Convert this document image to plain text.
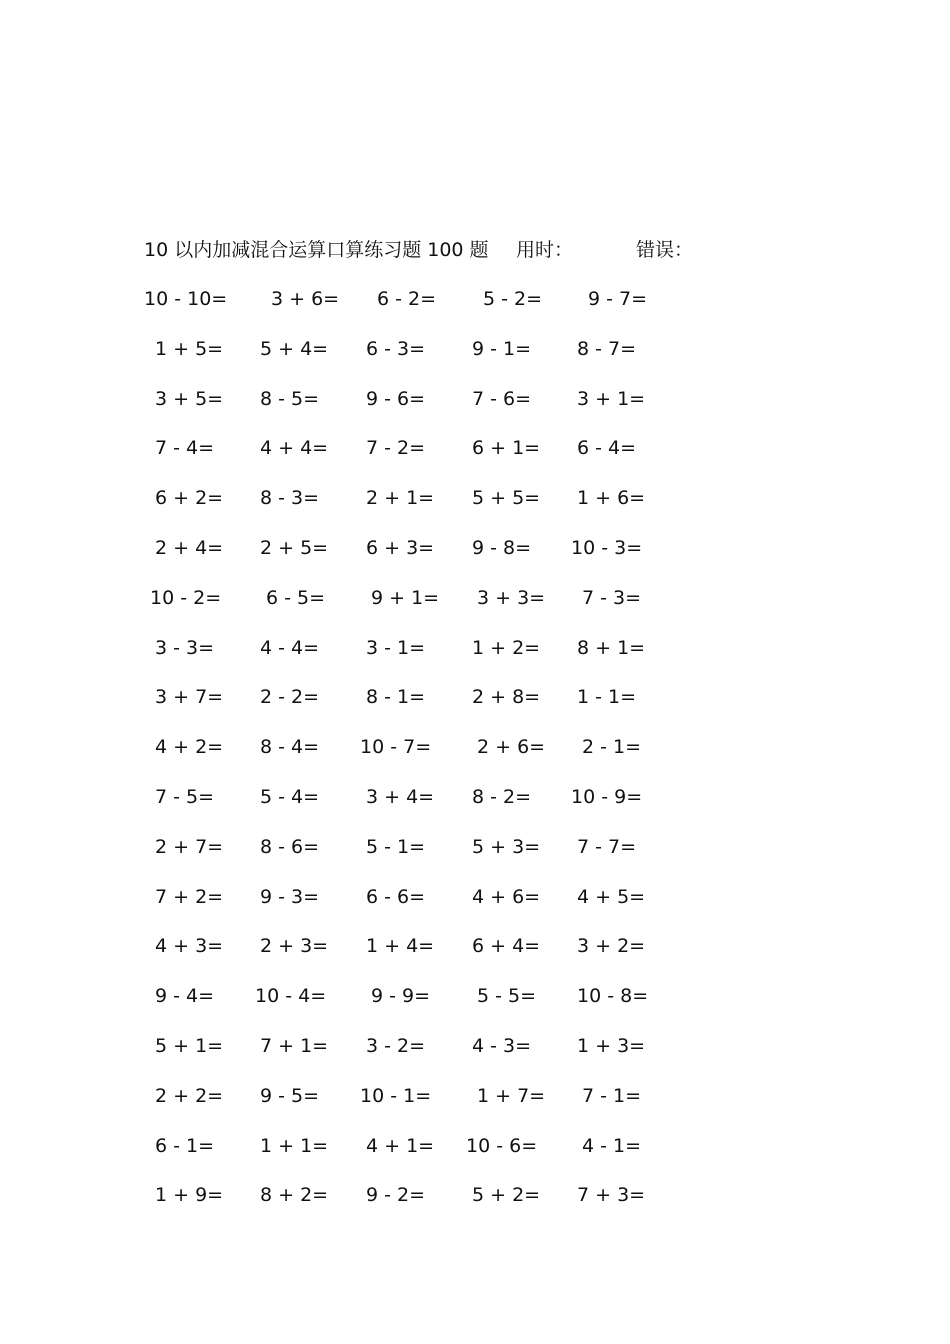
10 以内加减混合运算口算练习题 100 题 用时：	错误：
10 - 10= 3 + 6= 6 - 2= 5 - 2= 9 - 7=
1 + 5= 5 + 4= 6 - 3= 9 - 1= 8 - 7=
3 + 5= 8 - 5= 9 - 6= 7 - 6= 3 + 1=
7 - 4= 4 + 4= 7 - 2= 6 + 1= 6 - 4=
6 + 2= 8 - 3= 2 + 1= 5 + 5= 1 + 6=
2 + 4= 2 + 5= 6 + 3= 9 - 8= 10 - 3=
10 - 2= 6 - 5= 9 + 1= 3 + 3= 7 - 3=
3 - 3= 4 - 4= 3 - 1= 1 + 2= 8 + 1=
3 + 7= 2 - 2= 8 - 1= 2 + 8= 1 - 1=
4 + 2= 8 - 4= 10 - 7= 2 + 6= 2 - 1=
7 - 5= 5 - 4= 3 + 4= 8 - 2= 10 - 9=
2 + 7= 8 - 6= 5 - 1= 5 + 3= 7 - 7=
7 + 2= 9 - 3= 6 - 6= 4 + 6= 4 + 5=
4 + 3= 2 + 3= 1 + 4= 6 + 4= 3 + 2=
9 - 4= 10 - 4= 9 - 9= 5 - 5= 10 - 8=
5 + 1= 7 + 1= 3 - 2= 4 - 3= 1 + 3=
2 + 2= 9 - 5= 10 - 1= 1 + 7= 7 - 1=
6 - 1= 1 + 1= 4 + 1= 10 - 6= 4 - 1=
1 + 9= 8 + 2= 9 - 2= 5 + 2= 7 + 3=
